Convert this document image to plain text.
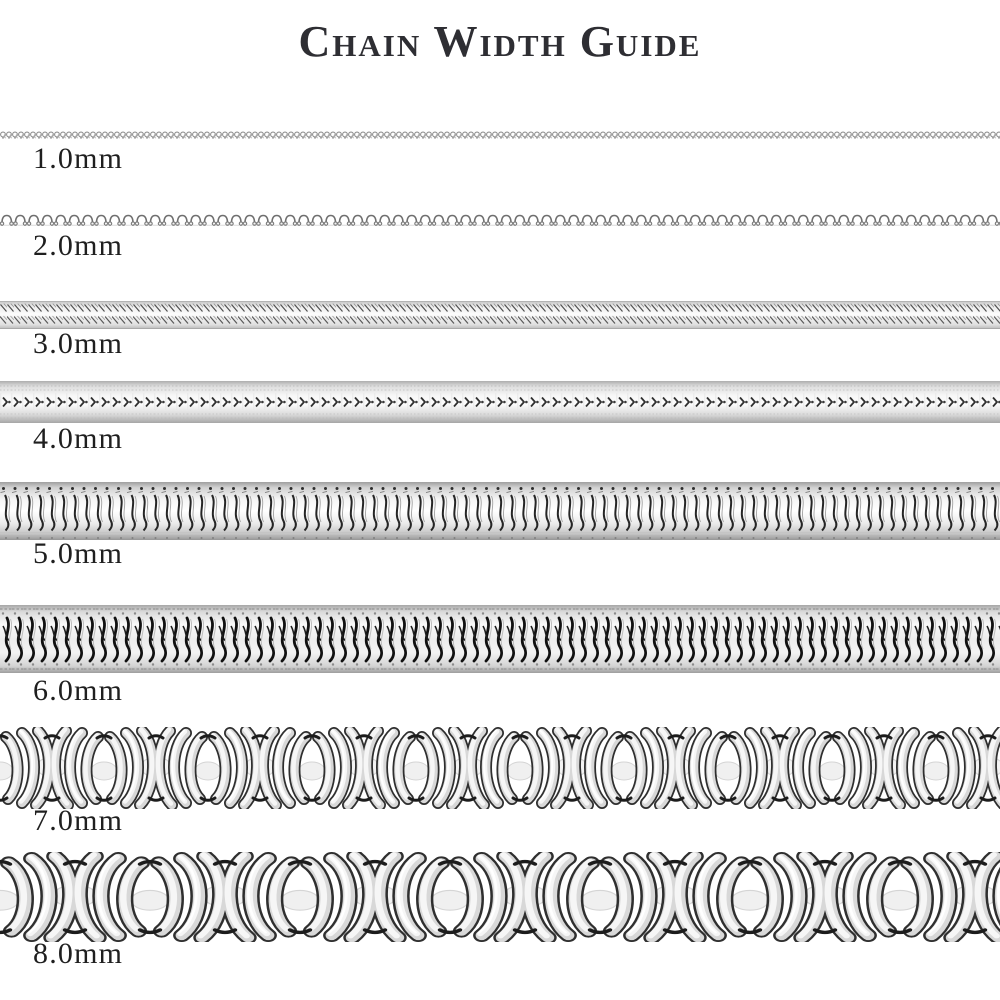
Chain Width Guide
1.0mm
2.0mm
3.0mm
4.0mm
5.0mm
6.0mm
7.0mm
8.0mm
